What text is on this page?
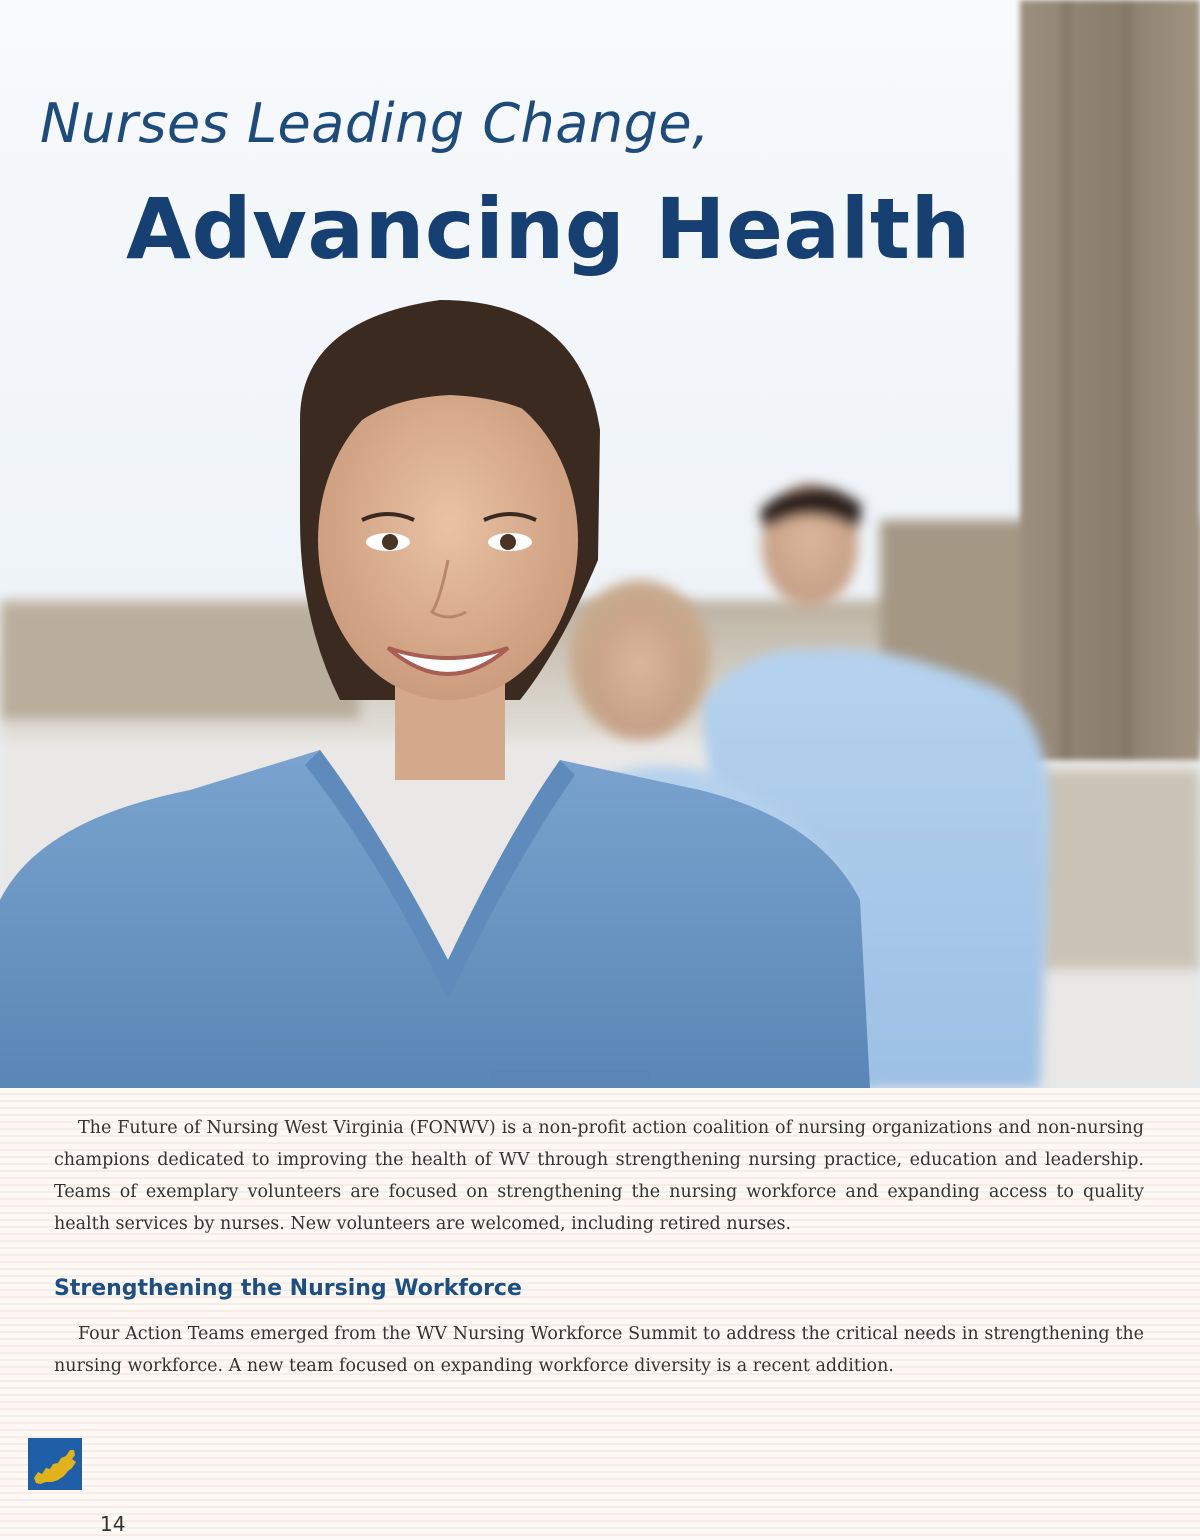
Nurses Leading Change,
Advancing Health

The Future of Nursing West Virginia (FONWV) is a non-profit action coalition of nursing organizations and non-nursing champions dedicated to improving the health of WV through strengthening nursing practice, education and leadership. Teams of exemplary volunteers are focused on strengthening the nursing workforce and expanding access to quality health services by nurses. New volunteers are welcomed, including retired nurses.

Strengthening the Nursing Workforce

Four Action Teams emerged from the WV Nursing Workforce Summit to address the critical needs in strengthening the nursing workforce. A new team focused on expanding workforce diversity is a recent addition.

14
